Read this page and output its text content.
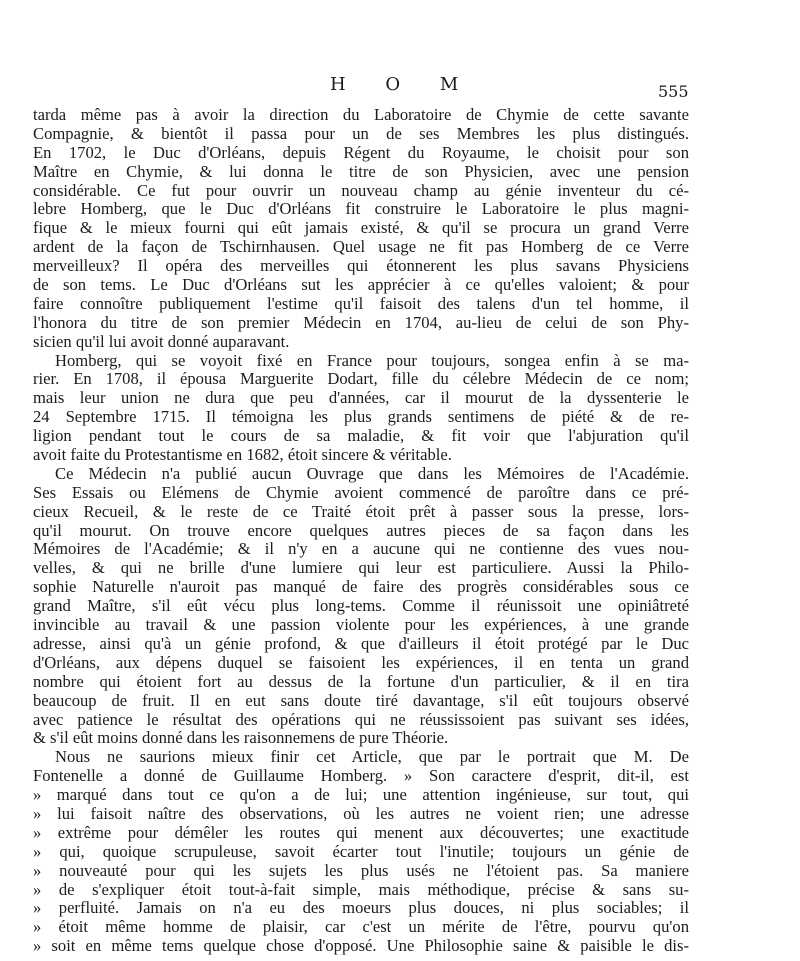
H O M	555
tarda même pas à avoir la direction du Laboratoire de Chymie de cette savante
Compagnie, & bientôt il passa pour un de ses Membres les plus distingués.
En 1702, le Duc d'Orléans, depuis Régent du Royaume, le choisit pour son
Maître en Chymie, & lui donna le titre de son Physicien, avec une pension
considérable. Ce fut pour ouvrir un nouveau champ au génie inventeur du cé-
lebre Homberg, que le Duc d'Orléans fit construire le Laboratoire le plus magni-
fique & le mieux fourni qui eût jamais existé, & qu'il se procura un grand Verre
ardent de la façon de Tschirnhausen. Quel usage ne fit pas Homberg de ce Verre
merveilleux? Il opéra des merveilles qui étonnerent les plus savans Physiciens
de son tems. Le Duc d'Orléans sut les apprécier à ce qu'elles valoient; & pour
faire connoître publiquement l'estime qu'il faisoit des talens d'un tel homme, il
l'honora du titre de son premier Médecin en 1704, au-lieu de celui de son Phy-
sicien qu'il lui avoit donné auparavant.
Homberg, qui se voyoit fixé en France pour toujours, songea enfin à se ma-
rier. En 1708, il épousa Marguerite Dodart, fille du célebre Médecin de ce nom;
mais leur union ne dura que peu d'années, car il mourut de la dyssenterie le
24 Septembre 1715. Il témoigna les plus grands sentimens de piété & de re-
ligion pendant tout le cours de sa maladie, & fit voir que l'abjuration qu'il
avoit faite du Protestantisme en 1682, étoit sincere & véritable.
Ce Médecin n'a publié aucun Ouvrage que dans les Mémoires de l'Académie.
Ses Essais ou Elémens de Chymie avoient commencé de paroître dans ce pré-
cieux Recueil, & le reste de ce Traité étoit prêt à passer sous la presse, lors-
qu'il mourut. On trouve encore quelques autres pieces de sa façon dans les
Mémoires de l'Académie; & il n'y en a aucune qui ne contienne des vues nou-
velles, & qui ne brille d'une lumiere qui leur est particuliere. Aussi la Philo-
sophie Naturelle n'auroit pas manqué de faire des progrès considérables sous ce
grand Maître, s'il eût vécu plus long-tems. Comme il réunissoit une opiniâtreté
invincible au travail & une passion violente pour les expériences, à une grande
adresse, ainsi qu'à un génie profond, & que d'ailleurs il étoit protégé par le Duc
d'Orléans, aux dépens duquel se faisoient les expériences, il en tenta un grand
nombre qui étoient fort au dessus de la fortune d'un particulier, & il en tira
beaucoup de fruit. Il en eut sans doute tiré davantage, s'il eût toujours observé
avec patience le résultat des opérations qui ne réussissoient pas suivant ses idées,
& s'il eût moins donné dans les raisonnemens de pure Théorie.
Nous ne saurions mieux finir cet Article, que par le portrait que M. De
Fontenelle a donné de Guillaume Homberg. » Son caractere d'esprit, dit-il, est
» marqué dans tout ce qu'on a de lui; une attention ingénieuse, sur tout, qui
» lui faisoit naître des observations, où les autres ne voient rien; une adresse
» extrême pour démêler les routes qui menent aux découvertes; une exactitude
» qui, quoique scrupuleuse, savoit écarter tout l'inutile; toujours un génie de
» nouveauté pour qui les sujets les plus usés ne l'étoient pas. Sa maniere
» de s'expliquer étoit tout-à-fait simple, mais méthodique, précise & sans su-
» perfluité. Jamais on n'a eu des moeurs plus douces, ni plus sociables; il
» étoit même homme de plaisir, car c'est un mérite de l'être, pourvu qu'on
» soit en même tems quelque chose d'opposé. Une Philosophie saine & paisible le dis-
